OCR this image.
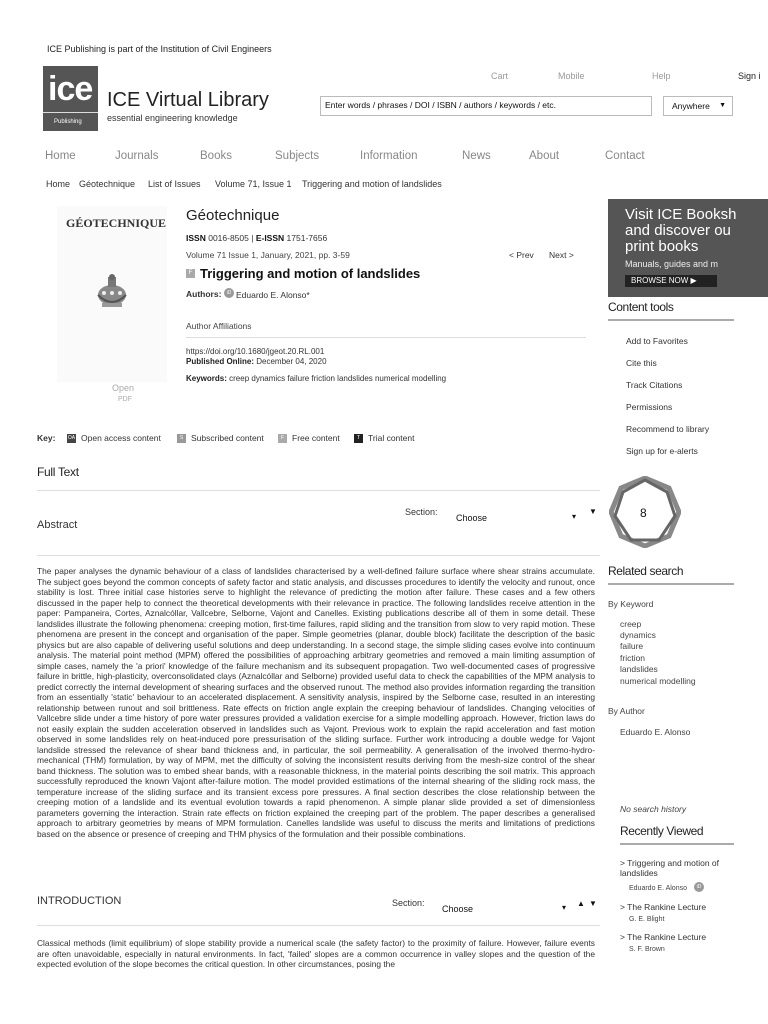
ICE Publishing is part of the Institution of Civil Engineers
ice
Publishing
ICE Virtual Library
essential engineering knowledge
Cart	Mobile	Help	Sign i
Enter words / phrases / DOI / ISBN / authors / keywords / etc.
Anywhere ▼
Home	Journals	Books	Subjects	Information	News	About	Contact
Home Géotechnique List of Issues Volume 71, Issue 1 Triggering and motion of landslides
GÉOTECHNIQUE
Open
PDF
Géotechnique
ISSN 0016-8505 | E-ISSN 1751-7656
Volume 71 Issue 1, January, 2021, pp. 3-59	< Prev Next >
F Triggering and motion of landslides
Authors:	iD Eduardo E. Alonso*
Author Affiliations
https://doi.org/10.1680/jgeot.20.RL.001
Published Online: December 04, 2020
Keywords: creep dynamics failure friction landslides numerical modelling
Key: OA Open access content	S Subscribed content	F Free content	T Trial content
Full Text
Section:
Choose	▾
▼
Abstract
The paper analyses the dynamic behaviour of a class of landslides characterised by a well-defined failure surface where shear strains accumulate. The subject goes beyond the common concepts of safety factor and static analysis, and discusses procedures to identify the velocity and runout, once stability is lost. Three initial case histories serve to highlight the relevance of predicting the motion after failure. These cases and a few others discussed in the paper help to connect the theoretical developments with their relevance in practice. The following landslides receive attention in the paper: Pampaneira, Cortes, Aznalcóllar, Vallcebre, Selborne, Vajont and Canelles. Existing publications describe all of them in some detail. These landslides illustrate the following phenomena: creeping motion, first-time failures, rapid sliding and the transition from slow to very rapid motion. These phenomena are present in the concept and organisation of the paper. Simple geometries (planar, double block) facilitate the description of the basic physics but are also capable of delivering useful solutions and deep understanding. In a second stage, the simple sliding cases evolve into continuum analysis. The material point method (MPM) offered the possibilities of approaching arbitrary geometries and removed a main limiting assumption of simple cases, namely the 'a priori' knowledge of the failure mechanism and its subsequent propagation. Two well-documented cases of progressive failure in brittle, high-plasticity, overconsolidated clays (Aznalcóllar and Selborne) provided useful data to check the capabilities of the MPM analysis to predict correctly the internal development of shearing surfaces and the observed runout. The method also provides information regarding the transition from an essentially 'static' behaviour to an accelerated displacement. A sensitivity analysis, inspired by the Selborne case, resulted in an interesting relationship between runout and soil brittleness. Rate effects on friction angle explain the creeping behaviour of landslides. Changing velocities of Vallcebre slide under a time history of pore water pressures provided a validation exercise for a simple modelling approach. However, friction laws do not easily explain the sudden acceleration observed in landslides such as Vajont. Previous work to explain the rapid acceleration and fast motion observed in some landslides rely on heat-induced pore pressurisation of the sliding surface. Further work introducing a double wedge for Vajont landslide stressed the relevance of shear band thickness and, in particular, the soil permeability. A generalisation of the involved thermo-hydro-mechanical (THM) formulation, by way of MPM, met the difficulty of solving the inconsistent results deriving from the mesh-size control of the shear band thickness. The solution was to embed shear bands, with a reasonable thickness, in the material points describing the soil matrix. This approach successfully reproduced the known Vajont after-failure motion. The model provided estimations of the internal shearing of the sliding rock mass, the temperature increase of the sliding surface and its transient excess pore pressures. A final section describes the close relationship between the creeping motion of a landslide and its eventual evolution towards a rapid phenomenon. A simple planar slide provided a set of dimensionless parameters governing the interaction. Strain rate effects on friction explained the creeping part of the problem. The paper describes a generalised approach to arbitrary geometries by means of MPM formulation. Canelles landslide was useful to discuss the merits and limitations of predictions based on the absence or presence of creeping and THM physics of the formulation and their possible combinations.
INTRODUCTION	Section:
Choose	▾ ▲ ▼
Classical methods (limit equilibrium) of slope stability provide a numerical scale (the safety factor) to the proximity of failure. However, failure events are often unavoidable, especially in natural environments. In fact, 'failed' slopes are a common occurrence in valley slopes and the question of the expected evolution of the slope becomes the critical question. In other circumstances, posing the
Visit ICE Booksh
and discover ou
print books
Manuals, guides and m
BROWSE NOW ▶
Content tools
Add to Favorites
Cite this
Track Citations
Permissions
Recommend to library
Sign up for e-alerts
8
Related search
By Keyword
creep
dynamics
failure
friction
landslides
numerical modelling
By Author
Eduardo E. Alonso
No search history
Recently Viewed
> Triggering and motion of landslides
Eduardo E. Alonso	iD
> The Rankine Lecture
G. E. Blight
> The Rankine Lecture
S. F. Brown
